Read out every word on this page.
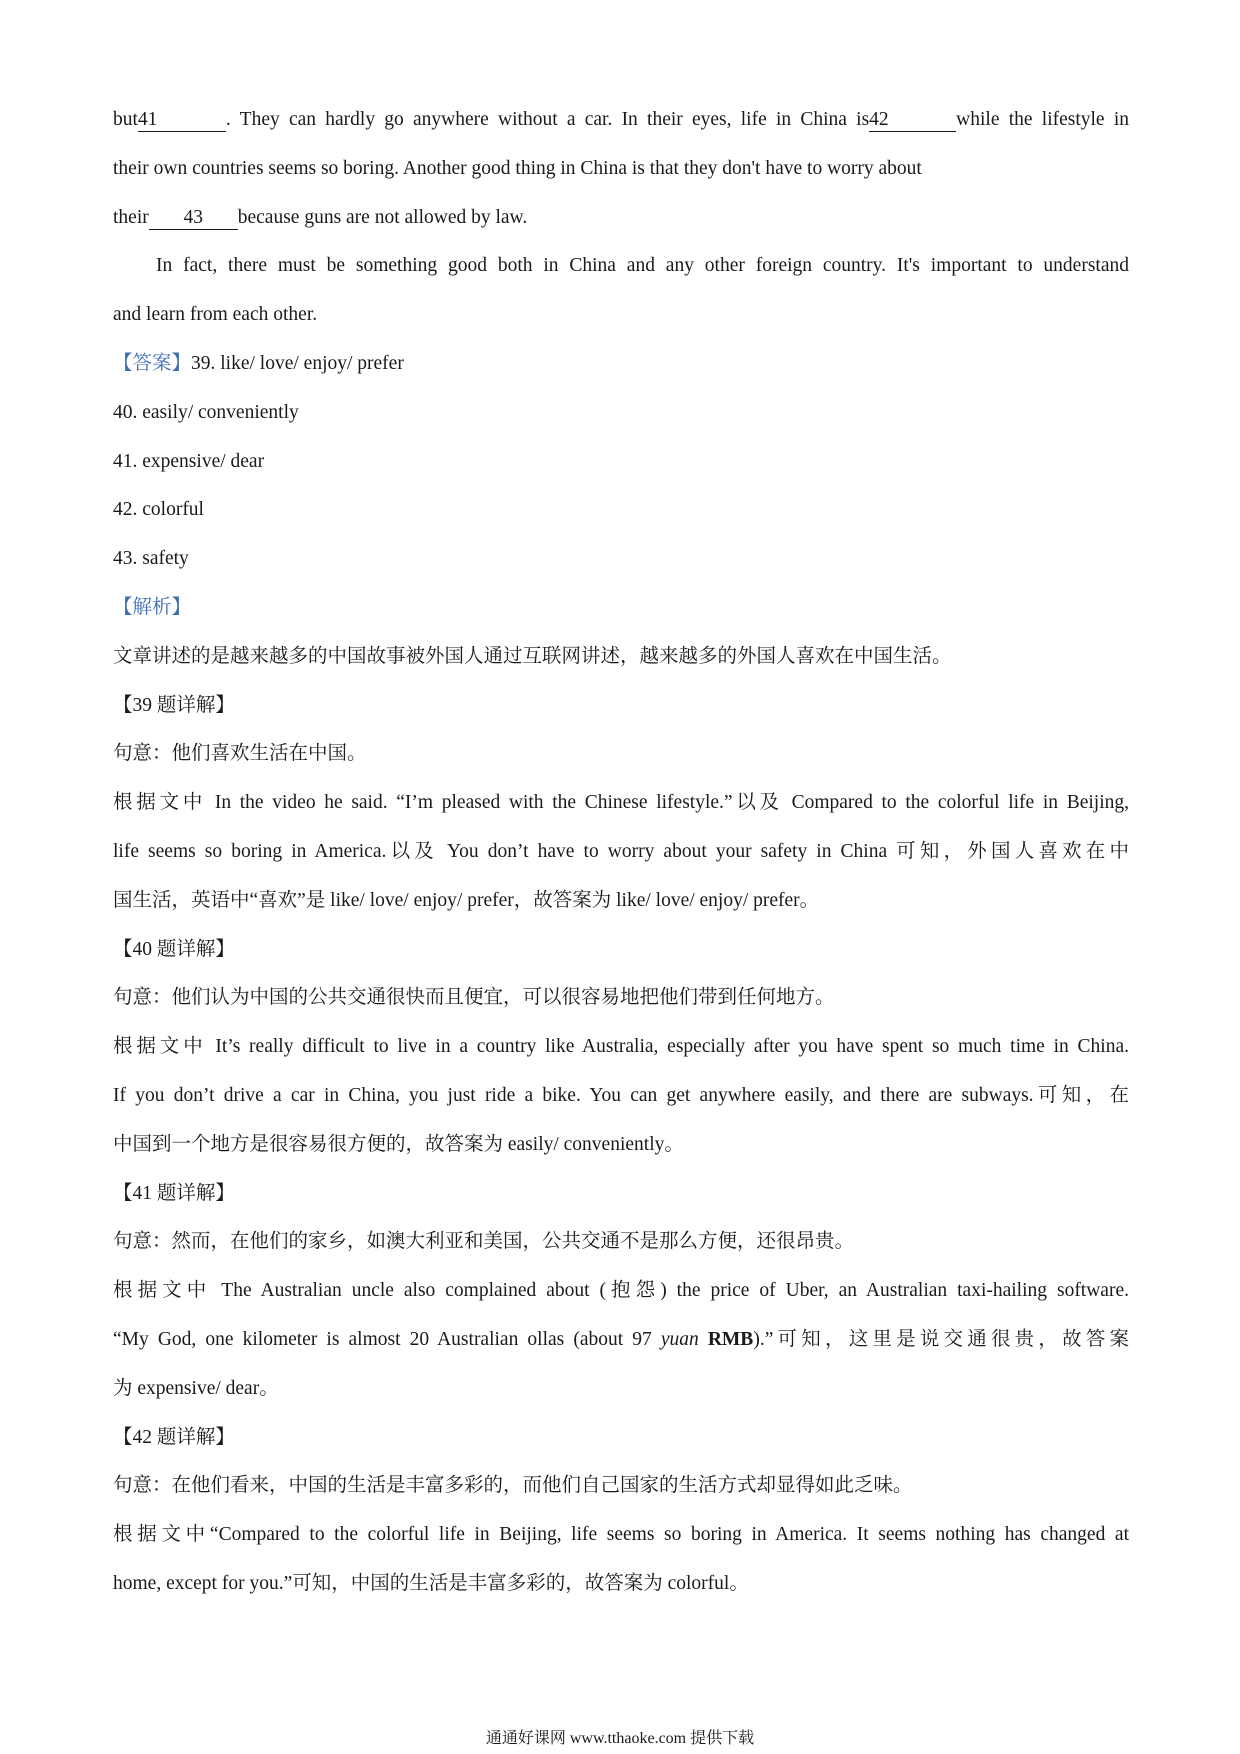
but41	. They can hardly go anywhere without a car. In their eyes, life in China is42	while the lifestyle in
their own countries seems so boring. Another good thing in China is that they don't have to worry about
their 43 because guns are not allowed by law.
In fact, there must be something good both in China and any other foreign country. It's important to understand
and learn from each other.
【答案】39. like/ love/ enjoy/ prefer
40. easily/ conveniently
41. expensive/ dear
42. colorful
43. safety
【解析】
文章讲述的是越来越多的中国故事被外国人通过互联网讲述，越来越多的外国人喜欢在中国生活。
【39 题详解】
句意：他们喜欢生活在中国。
根据文中 In the video he said. “I’m pleased with the Chinese lifestyle.”以及 Compared to the colorful life in Beijing,
life seems so boring in America.以及 You don’t have to worry about your safety in China 可知，外国人喜欢在中
国生活，英语中“喜欢”是 like/ love/ enjoy/ prefer，故答案为 like/ love/ enjoy/ prefer。
【40 题详解】
句意：他们认为中国的公共交通很快而且便宜，可以很容易地把他们带到任何地方。
根据文中 It’s really difficult to live in a country like Australia, especially after you have spent so much time in China.
If you don’t drive a car in China, you just ride a bike. You can get anywhere easily, and there are subways.可知，在
中国到一个地方是很容易很方便的，故答案为 easily/ conveniently。
【41 题详解】
句意：然而，在他们的家乡，如澳大利亚和美国，公共交通不是那么方便，还很昂贵。
根据文中 The Australian uncle also complained about (抱怨) the price of Uber, an Australian taxi-hailing software.
“My God, one kilometer is almost 20 Australian ollas (about 97 yuan RMB).”可知，这里是说交通很贵，故答案
为 expensive/ dear。
【42 题详解】
句意：在他们看来，中国的生活是丰富多彩的，而他们自己国家的生活方式却显得如此乏味。
根据文中“Compared to the colorful life in Beijing, life seems so boring in America. It seems nothing has changed at
home, except for you.”可知，中国的生活是丰富多彩的，故答案为 colorful。
通通好课网 www.tthaoke.com 提供下载
